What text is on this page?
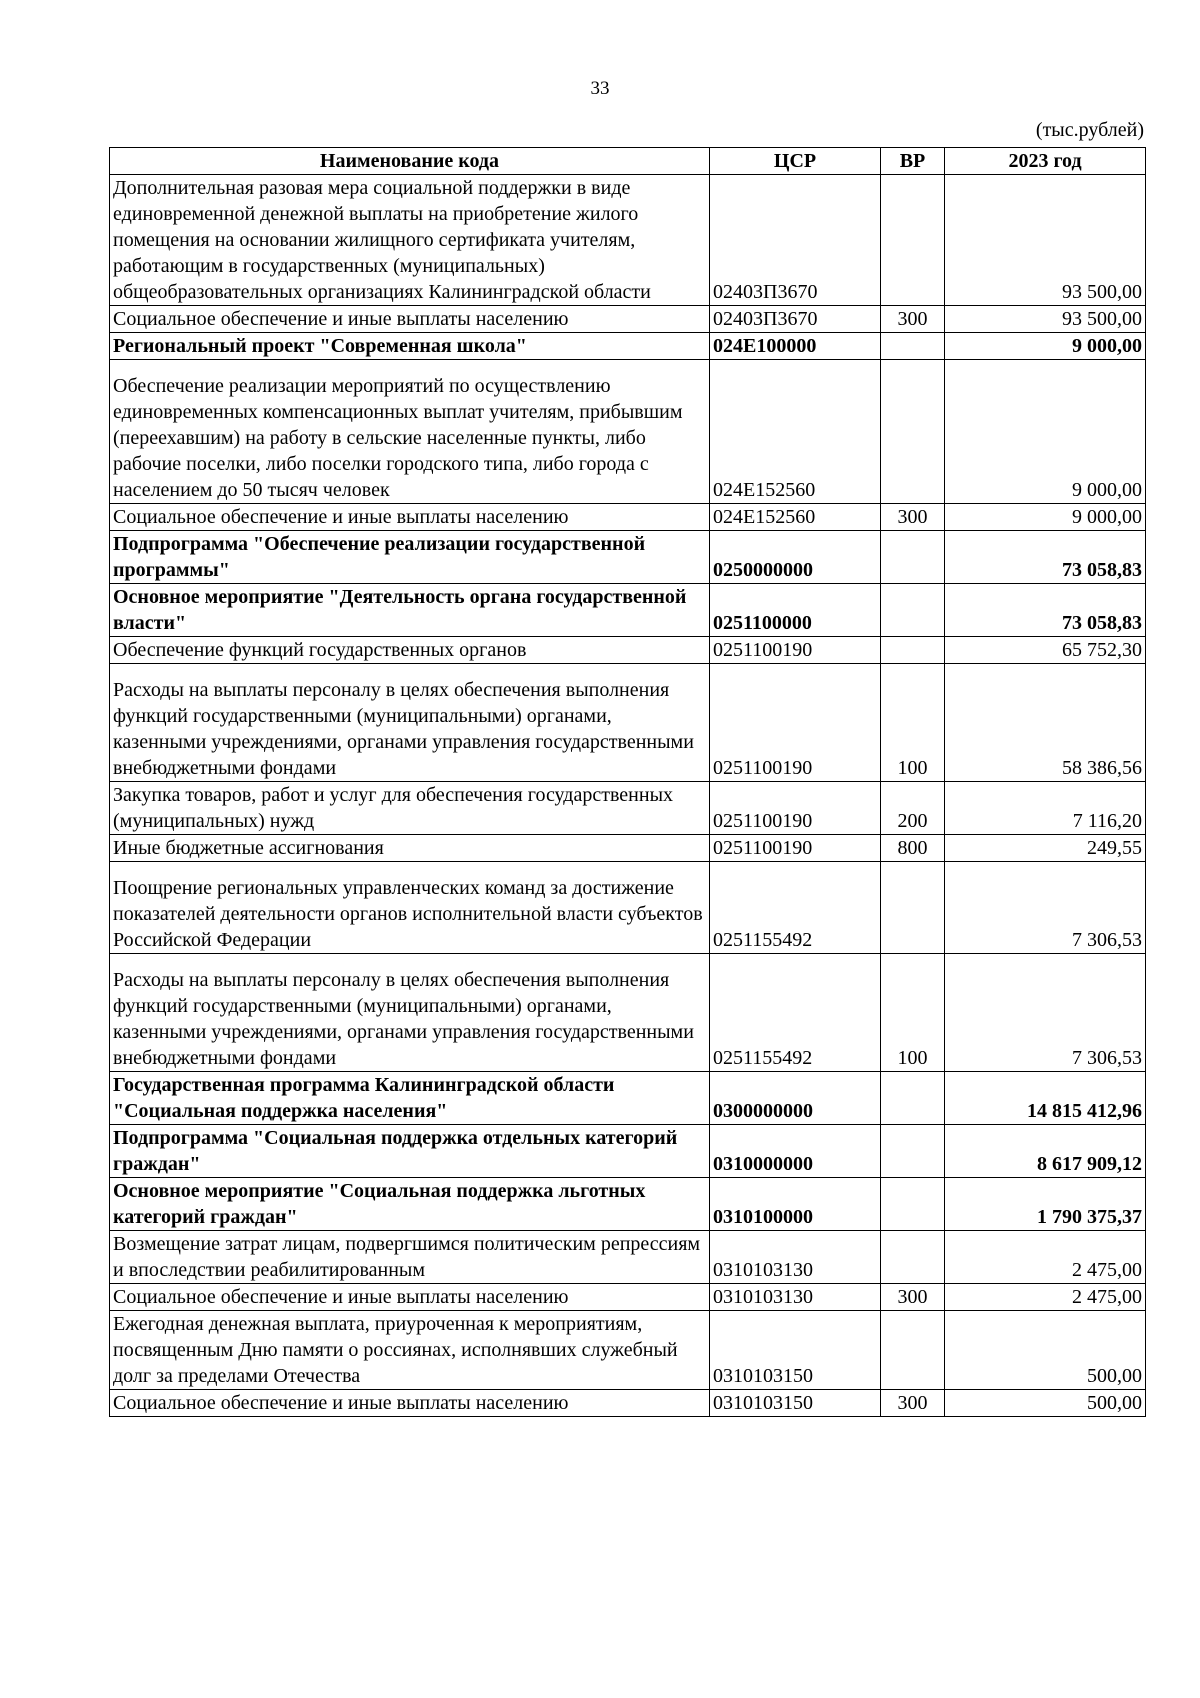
33
(тыс.рублей)
Наименование кода	ЦСР	ВР	2023 год
Дополнительная разовая мера социальной поддержки в виде единовременной денежной выплаты на приобретение жилого помещения на основании жилищного сертификата учителям, работающим в государственных (муниципальных) общеобразовательных организациях Калининградской области	02403П3670		93 500,00
Социальное обеспечение и иные выплаты населению	02403П3670	300	93 500,00
Региональный проект "Современная школа"	024E100000		9 000,00
Обеспечение реализации мероприятий по осуществлению единовременных компенсационных выплат учителям, прибывшим (переехавшим) на работу в сельские населенные пункты, либо рабочие поселки, либо поселки городского типа, либо города с населением до 50 тысяч человек	024E152560		9 000,00
Социальное обеспечение и иные выплаты населению	024E152560	300	9 000,00
Подпрограмма "Обеспечение реализации государственной программы"	0250000000		73 058,83
Основное мероприятие "Деятельность органа государственной власти"	0251100000		73 058,83
Обеспечение функций государственных органов	0251100190		65 752,30
Расходы на выплаты персоналу в целях обеспечения выполнения функций государственными (муниципальными) органами, казенными учреждениями, органами управления государственными внебюджетными фондами	0251100190	100	58 386,56
Закупка товаров, работ и услуг для обеспечения государственных (муниципальных) нужд	0251100190	200	7 116,20
Иные бюджетные ассигнования	0251100190	800	249,55
Поощрение региональных управленческих команд за достижение показателей деятельности органов исполнительной власти субъектов Российской Федерации	0251155492		7 306,53
Расходы на выплаты персоналу в целях обеспечения выполнения функций государственными (муниципальными) органами, казенными учреждениями, органами управления государственными внебюджетными фондами	0251155492	100	7 306,53
Государственная программа Калининградской области "Социальная поддержка населения"	0300000000		14 815 412,96
Подпрограмма "Социальная поддержка отдельных категорий граждан"	0310000000		8 617 909,12
Основное мероприятие "Социальная поддержка льготных категорий граждан"	0310100000		1 790 375,37
Возмещение затрат лицам, подвергшимся политическим репрессиям и впоследствии реабилитированным	0310103130		2 475,00
Социальное обеспечение и иные выплаты населению	0310103130	300	2 475,00
Ежегодная денежная выплата, приуроченная к мероприятиям, посвященным Дню памяти о россиянах, исполнявших служебный долг за пределами Отечества	0310103150		500,00
Социальное обеспечение и иные выплаты населению	0310103150	300	500,00
